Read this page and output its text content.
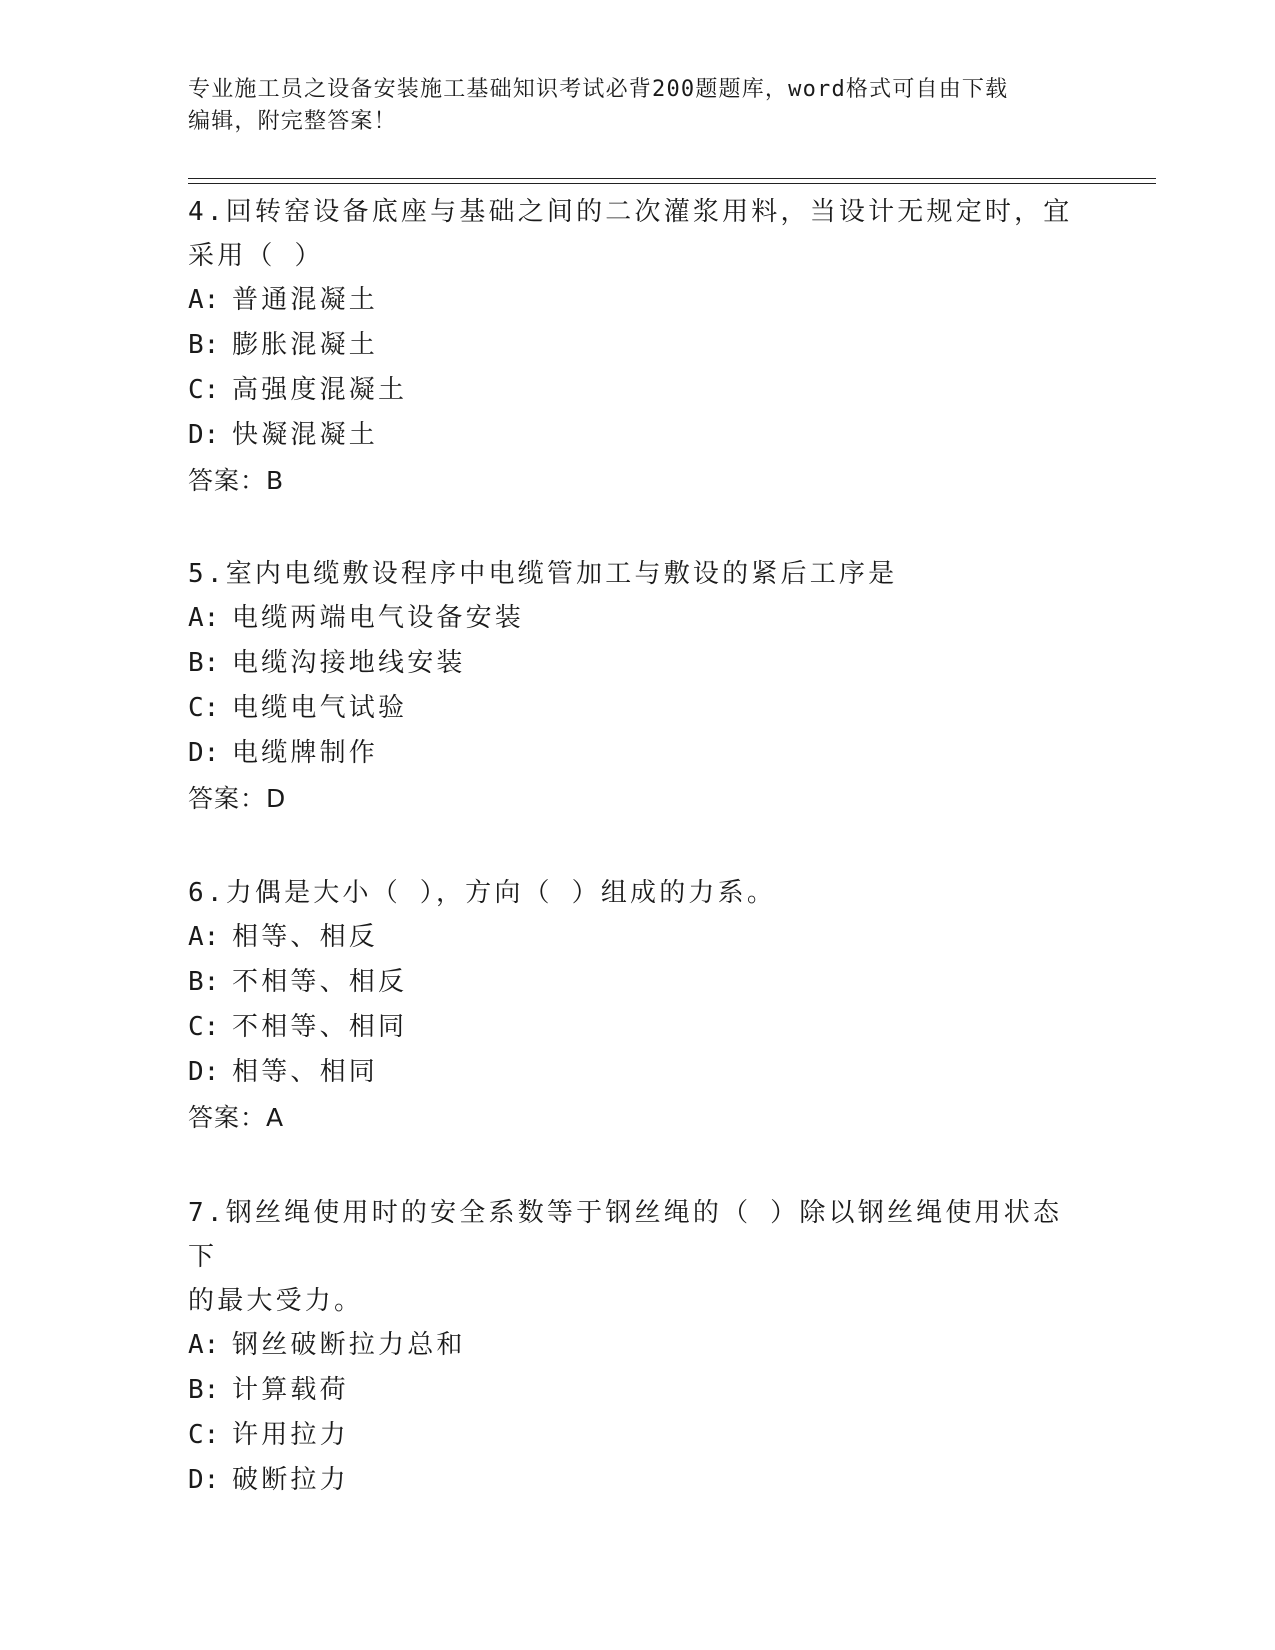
专业施工员之设备安装施工基础知识考试必背200题题库，word格式可自由下载
编辑，附完整答案！

4.回转窑设备底座与基础之间的二次灌浆用料，当设计无规定时，宜

采用（ ）

A: 普通混凝土

B: 膨胀混凝土

C: 高强度混凝土

D: 快凝混凝土

答案：B

5.室内电缆敷设程序中电缆管加工与敷设的紧后工序是

A: 电缆两端电气设备安装

B: 电缆沟接地线安装

C: 电缆电气试验

D: 电缆牌制作

答案：D

6.力偶是大小（ ），方向（ ）组成的力系。

A: 相等、相反

B: 不相等、相反

C: 不相等、相同

D: 相等、相同

答案：A

7.钢丝绳使用时的安全系数等于钢丝绳的（ ）除以钢丝绳使用状态下

的最大受力。

A: 钢丝破断拉力总和

B: 计算载荷

C: 许用拉力

D: 破断拉力
